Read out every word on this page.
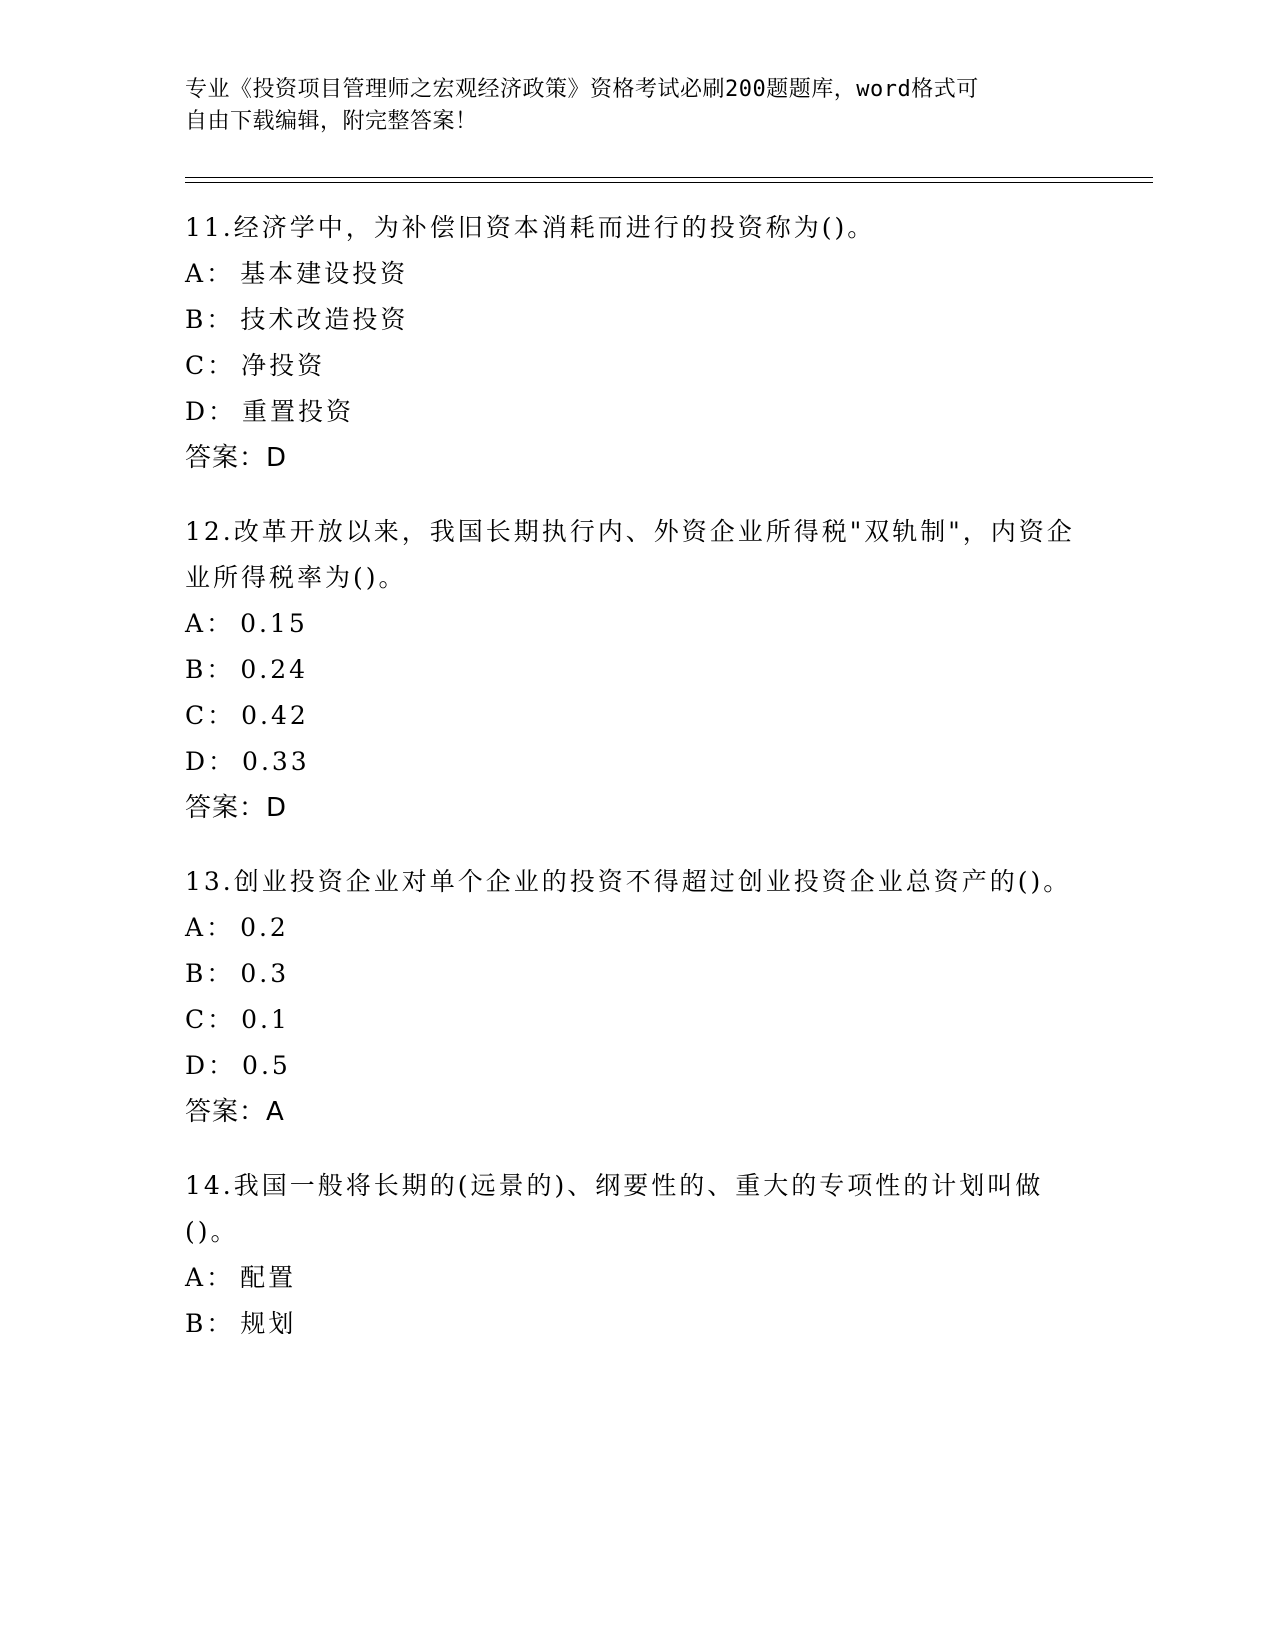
专业《投资项目管理师之宏观经济政策》资格考试必刷200题题库，word格式可
自由下载编辑，附完整答案！
11.经济学中，为补偿旧资本消耗而进行的投资称为()。
A ： 基本建设投资
B ： 技术改造投资
C ： 净投资
D ： 重置投资
答案：D
12.改革开放以来，我国长期执行内、外资企业所得税"双轨制"，内资企业所得税率为()。
A ： 0.15
B ： 0.24
C ： 0.42
D ： 0.33
答案：D
13.创业投资企业对单个企业的投资不得超过创业投资企业总资产的()。
A ： 0.2
B ： 0.3
C ： 0.1
D ： 0.5
答案：A
14.我国一般将长期的(远景的)、纲要性的、重大的专项性的计划叫做()。
A ： 配置
B ： 规划
